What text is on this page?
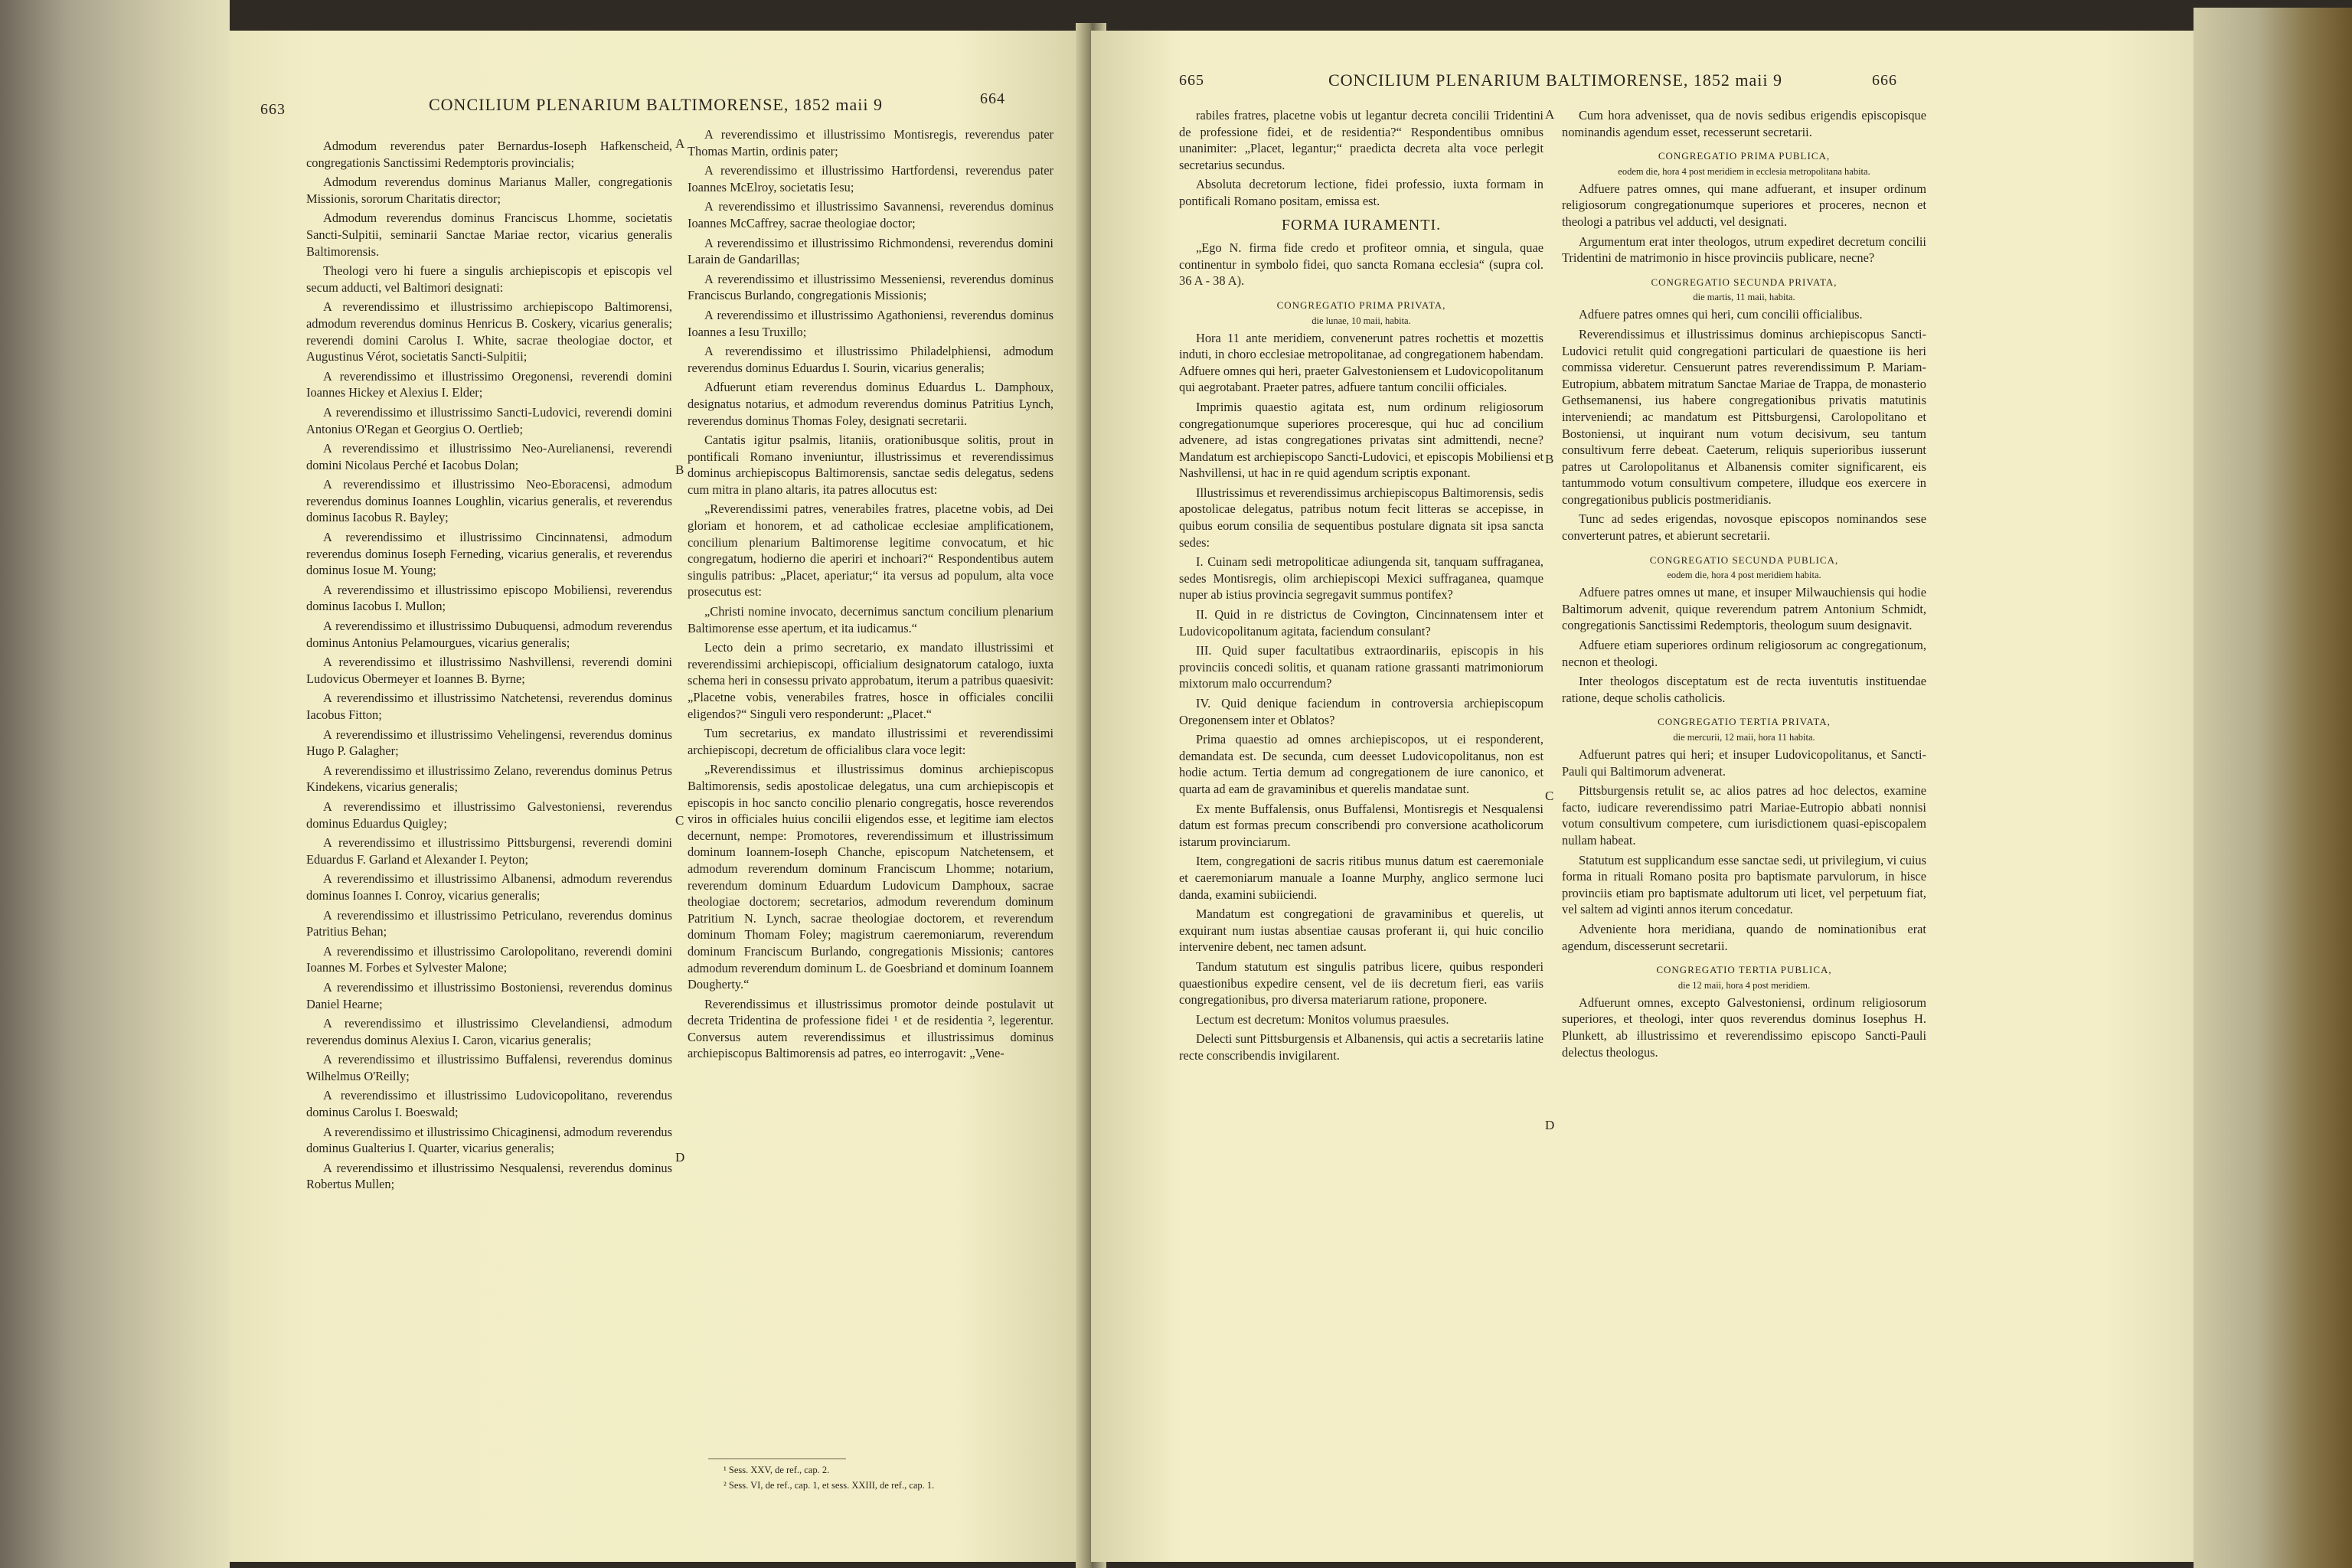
663	CONCILIUM PLENARIUM BALTIMORENSE, 1852 maii 9	664

Admodum reverendus pater Bernardus-Ioseph Hafkenscheid, congregationis Sanctissimi Redemptoris provincialis;

Admodum reverendus dominus Marianus Maller, congregationis Missionis, sororum Charitatis director;

Admodum reverendus dominus Franciscus Lhomme, societatis Sancti-Sulpitii, seminarii Sanctae Mariae rector, vicarius generalis Baltimorensis.

Theologi vero hi fuere a singulis archiepiscopis et episcopis vel secum adducti, vel Baltimori designati:

A reverendissimo et illustrissimo archiepiscopo Baltimorensi, admodum reverendus dominus Henricus B. Coskery, vicarius generalis; reverendi domini Carolus I. White, sacrae theologiae doctor, et Augustinus Vérot, societatis Sancti-Sulpitii;

A reverendissimo et illustrissimo Oregonensi, reverendi domini Ioannes Hickey et Alexius I. Elder;

A reverendissimo et illustrissimo Sancti-Ludovici, reverendi domini Antonius O'Regan et Georgius O. Oertlieb;

A reverendissimo et illustrissimo Neo-Aurelianensi, reverendi domini Nicolaus Perché et Iacobus Dolan;

A reverendissimo et illustrissimo Neo-Eboracensi, admodum reverendus dominus Ioannes Loughlin, vicarius generalis, et reverendus dominus Iacobus R. Bayley;

A reverendissimo et illustrissimo Cincinnatensi, admodum reverendus dominus Ioseph Ferneding, vicarius generalis, et reverendus dominus Iosue M. Young;

A reverendissimo et illustrissimo episcopo Mobiliensi, reverendus dominus Iacobus I. Mullon;

A reverendissimo et illustrissimo Dubuquensi, admodum reverendus dominus Antonius Pelamourgues, vicarius generalis;

A reverendissimo et illustrissimo Nashvillensi, reverendi domini Ludovicus Obermeyer et Ioannes B. Byrne;

A reverendissimo et illustrissimo Natchetensi, reverendus dominus Iacobus Fitton;

A reverendissimo et illustrissimo Vehelingensi, reverendus dominus Hugo P. Galagher;

A reverendissimo et illustrissimo Zelano, reverendus dominus Petrus Kindekens, vicarius generalis;

A reverendissimo et illustrissimo Galvestoniensi, reverendus dominus Eduardus Quigley;

A reverendissimo et illustrissimo Pittsburgensi, reverendi domini Eduardus F. Garland et Alexander I. Peyton;

A reverendissimo et illustrissimo Albanensi, admodum reverendus dominus Ioannes I. Conroy, vicarius generalis;

A reverendissimo et illustrissimo Petriculano, reverendus dominus Patritius Behan;

A reverendissimo et illustrissimo Carolopolitano, reverendi domini Ioannes M. Forbes et Sylvester Malone;

A reverendissimo et illustrissimo Bostoniensi, reverendus dominus Daniel Hearne;

A reverendissimo et illustrissimo Clevelandiensi, admodum reverendus dominus Alexius I. Caron, vicarius generalis;

A reverendissimo et illustrissimo Buffalensi, reverendus dominus Wilhelmus O'Reilly;

A reverendissimo et illustrissimo Ludovicopolitano, reverendus dominus Carolus I. Boeswald;

A reverendissimo et illustrissimo Chicaginensi, admodum reverendus dominus Gualterius I. Quarter, vicarius generalis;

A reverendissimo et illustrissimo Nesqualensi, reverendus dominus Robertus Mullen;

A reverendissimo et illustrissimo Montisregis, reverendus pater Thomas Martin, ordinis pater;

A reverendissimo et illustrissimo Hartfordensi, reverendus pater Ioannes McElroy, societatis Iesu;

A reverendissimo et illustrissimo Savannensi, reverendus dominus Ioannes McCaffrey, sacrae theologiae doctor;

A reverendissimo et illustrissimo Richmondensi, reverendus domini Larain de Gandarillas;

A reverendissimo et illustrissimo Messeniensi, reverendus dominus Franciscus Burlando, congregationis Missionis;

A reverendissimo et illustrissimo Agathoniensi, reverendus dominus Ioannes a Iesu Truxillo;

A reverendissimo et illustrissimo Philadelphiensi, admodum reverendus dominus Eduardus I. Sourin, vicarius generalis;

Adfuerunt etiam reverendus dominus Eduardus L. Damphoux, designatus notarius, et admodum reverendus dominus Patritius Lynch, reverendus dominus Thomas Foley, designati secretarii.

Cantatis igitur psalmis, litaniis, orationibusque solitis, prout in pontificali Romano inveniuntur, illustrissimus et reverendissimus dominus archiepiscopus Baltimorensis, sanctae sedis delegatus, sedens cum mitra in plano altaris, ita patres allocutus est:

„Reverendissimi patres, venerabiles fratres, placetne vobis, ad Dei gloriam et honorem, et ad catholicae ecclesiae amplificationem, concilium plenarium Baltimorense legitime convocatum, et hic congregatum, hodierno die aperiri et inchoari?“ Respondentibus autem singulis patribus: „Placet, aperiatur;“ ita versus ad populum, alta voce prosecutus est:

„Christi nomine invocato, decernimus sanctum concilium plenarium Baltimorense esse apertum, et ita iudicamus.“

Lecto dein a primo secretario, ex mandato illustrissimi et reverendissimi archiepiscopi, officialium designatorum catalogo, iuxta schema heri in consessu privato approbatum, iterum a patribus quaesivit: „Placetne vobis, venerabiles fratres, hosce in officiales concilii eligendos?“ Singuli vero responderunt: „Placet.“

Tum secretarius, ex mandato illustrissimi et reverendissimi archiepiscopi, decretum de officialibus clara voce legit:

„Reverendissimus et illustrissimus dominus archiepiscopus Baltimorensis, sedis apostolicae delegatus, una cum archiepiscopis et episcopis in hoc sancto concilio plenario congregatis, hosce reverendos viros in officiales huius concilii eligendos esse, et legitime iam electos decernunt, nempe: Promotores, reverendissimum et illustrissimum dominum Ioannem-Ioseph Chanche, episcopum Natchetensem, et admodum reverendum dominum Franciscum Lhomme; notarium, reverendum dominum Eduardum Ludovicum Damphoux, sacrae theologiae doctorem; secretarios, admodum reverendum dominum Patritium N. Lynch, sacrae theologiae doctorem, et reverendum dominum Thomam Foley; magistrum caeremoniarum, reverendum dominum Franciscum Burlando, congregationis Missionis; cantores admodum reverendum dominum L. de Goesbriand et dominum Ioannem Dougherty.“

Reverendissimus et illustrissimus promotor deinde postulavit ut decreta Tridentina de professione fidei ¹ et de residentia ², legerentur. Conversus autem reverendissimus et illustrissimus dominus archiepiscopus Baltimorensis ad patres, eo interrogavit: „Vene-

A
B
C
D
¹ Sess. XXV, de ref., cap. 2.
² Sess. VI, de ref., cap. 1, et sess. XXIII, de ref., cap. 1.
665	CONCILIUM PLENARIUM BALTIMORENSE, 1852 maii 9	666

rabiles fratres, placetne vobis ut legantur decreta concilii Tridentini de professione fidei, et de residentia?“ Respondentibus omnibus unanimiter: „Placet, legantur;“ praedicta decreta alta voce perlegit secretarius secundus.

Absoluta decretorum lectione, fidei professio, iuxta formam in pontificali Romano positam, emissa est.

FORMA IURAMENTI.

„Ego N. firma fide credo et profiteor omnia, et singula, quae continentur in symbolo fidei, quo sancta Romana ecclesia“ (supra col. 36 A - 38 A).

CONGREGATIO PRIMA PRIVATA,
die lunae, 10 maii, habita.

Hora 11 ante meridiem, convenerunt patres rochettis et mozettis induti, in choro ecclesiae metropolitanae, ad congregationem habendam. Adfuere omnes qui heri, praeter Galvestoniensem et Ludovicopolitanum qui aegrotabant. Praeter patres, adfuere tantum concilii officiales.

Imprimis quaestio agitata est, num ordinum religiosorum congregationumque superiores proceresque, qui huc ad concilium advenere, ad istas congregationes privatas sint admittendi, necne? Mandatum est archiepiscopo Sancti-Ludovici, et episcopis Mobiliensi et Nashvillensi, ut hac in re quid agendum scriptis exponant.

Illustrissimus et reverendissimus archiepiscopus Baltimorensis, sedis apostolicae delegatus, patribus notum fecit litteras se accepisse, in quibus eorum consilia de sequentibus postulare dignata sit ipsa sancta sedes:

I. Cuinam sedi metropoliticae adiungenda sit, tanquam suffraganea, sedes Montisregis, olim archiepiscopi Mexici suffraganea, quamque nuper ab istius provincia segregavit summus pontifex?

II. Quid in re districtus de Covington, Cincinnatensem inter et Ludovicopolitanum agitata, faciendum consulant?

III. Quid super facultatibus extraordinariis, episcopis in his provinciis concedi solitis, et quanam ratione grassanti matrimoniorum mixtorum malo occurrendum?

IV. Quid denique faciendum in controversia archiepiscopum Oregonensem inter et Oblatos?

Prima quaestio ad omnes archiepiscopos, ut ei responderent, demandata est. De secunda, cum deesset Ludovicopolitanus, non est hodie actum. Tertia demum ad congregationem de iure canonico, et quarta ad eam de gravaminibus et querelis mandatae sunt.

Ex mente Buffalensis, onus Buffalensi, Montisregis et Nesqualensi datum est formas precum conscribendi pro conversione acatholicorum istarum provinciarum.

Item, congregationi de sacris ritibus munus datum est caeremoniale et caeremoniarum manuale a Ioanne Murphy, anglico sermone luci danda, examini subiiciendi.

Mandatum est congregationi de gravaminibus et querelis, ut exquirant num iustas absentiae causas proferant ii, qui huic concilio intervenire debent, nec tamen adsunt.

Tandum statutum est singulis patribus licere, quibus responderi quaestionibus expedire censent, vel de iis decretum fieri, eas variis congregationibus, pro diversa materiarum ratione, proponere.

Lectum est decretum: Monitos volumus praesules.

Delecti sunt Pittsburgensis et Albanensis, qui actis a secretariis latine recte conscribendis invigilarent.

Cum hora advenisset, qua de novis sedibus erigendis episcopisque nominandis agendum esset, recesserunt secretarii.

CONGREGATIO PRIMA PUBLICA,
eodem die, hora 4 post meridiem in ecclesia metropolitana habita.

Adfuere patres omnes, qui mane adfuerant, et insuper ordinum religiosorum congregationumque superiores et proceres, necnon et theologi a patribus vel adducti, vel designati.

Argumentum erat inter theologos, utrum expediret decretum concilii Tridentini de matrimonio in hisce provinciis publicare, necne?

CONGREGATIO SECUNDA PRIVATA,
die martis, 11 maii, habita.

Adfuere patres omnes qui heri, cum concilii officialibus.

Reverendissimus et illustrissimus dominus archiepiscopus Sancti-Ludovici retulit quid congregationi particulari de quaestione iis heri commissa videretur. Censuerunt patres reverendissimum P. Mariam-Eutropium, abbatem mitratum Sanctae Mariae de Trappa, de monasterio Gethsemanensi, ius habere congregationibus privatis matutinis interveniendi; ac mandatum est Pittsburgensi, Carolopolitano et Bostoniensi, ut inquirant num votum decisivum, seu tantum consultivum ferre debeat. Caeterum, reliquis superioribus iusserunt patres ut Carolopolitanus et Albanensis comiter significarent, eis tantummodo votum consultivum competere, illudque eos exercere in congregationibus publicis postmeridianis.

Tunc ad sedes erigendas, novosque episcopos nominandos sese converterunt patres, et abierunt secretarii.

CONGREGATIO SECUNDA PUBLICA,
eodem die, hora 4 post meridiem habita.

Adfuere patres omnes ut mane, et insuper Milwauchiensis qui hodie Baltimorum advenit, quique reverendum patrem Antonium Schmidt, congregationis Sanctissimi Redemptoris, theologum suum designavit.

Adfuere etiam superiores ordinum religiosorum ac congregationum, necnon et theologi.

Inter theologos disceptatum est de recta iuventutis instituendae ratione, deque scholis catholicis.

CONGREGATIO TERTIA PRIVATA,
die mercurii, 12 maii, hora 11 habita.

Adfuerunt patres qui heri; et insuper Ludovicopolitanus, et Sancti-Pauli qui Baltimorum advenerat.

Pittsburgensis retulit se, ac alios patres ad hoc delectos, examine facto, iudicare reverendissimo patri Mariae-Eutropio abbati nonnisi votum consultivum competere, cum iurisdictionem quasi-episcopalem nullam habeat.

Statutum est supplicandum esse sanctae sedi, ut privilegium, vi cuius forma in rituali Romano posita pro baptismate parvulorum, in hisce provinciis etiam pro baptismate adultorum uti licet, vel perpetuum fiat, vel saltem ad viginti annos iterum concedatur.

Adveniente hora meridiana, quando de nominationibus erat agendum, discesserunt secretarii.

CONGREGATIO TERTIA PUBLICA,
die 12 maii, hora 4 post meridiem.

Adfuerunt omnes, excepto Galvestoniensi, ordinum religiosorum superiores, et theologi, inter quos reverendus dominus Iosephus H. Plunkett, ab illustrissimo et reverendissimo episcopo Sancti-Pauli delectus theologus.

A
B
C
D
